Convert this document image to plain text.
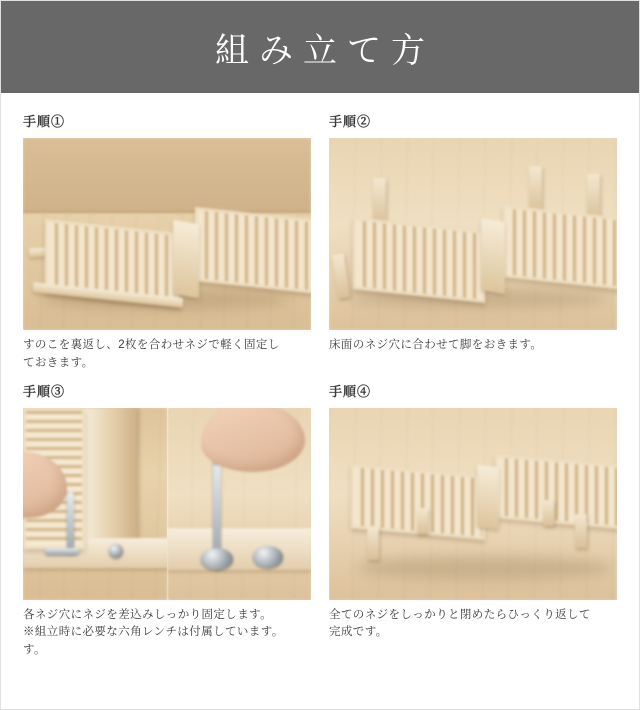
組み立て方
手順①
すのこを裏返し、2枚を合わせネジで軽く固定し
ておきます。
手順②
床面のネジ穴に合わせて脚をおきます。
手順③
各ネジ穴にネジを差込みしっかり固定します。
※組立時に必要な六角レンチは付属しています。
す。
手順④
全てのネジをしっかりと閉めたらひっくり返して
完成です。
